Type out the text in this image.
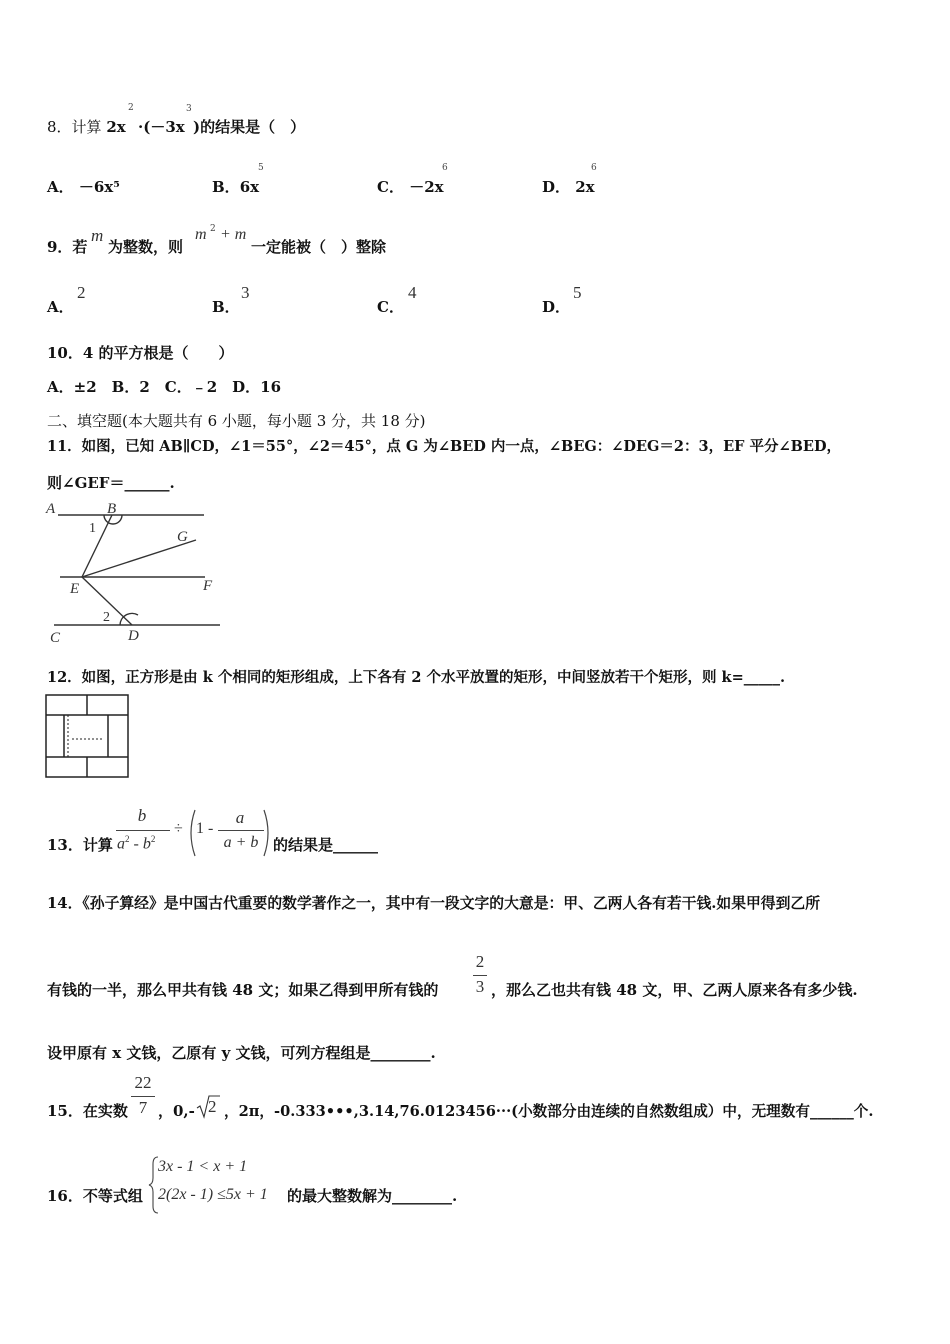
8．计算 2x
2
·(－3x
3
)的结果是（　）
A． －6x⁵	B．6x
5
C． －2x
6
D． 2x
6
9．若
m
为整数，则
m 2 + m
一定能被（　）整除
A．
2
B．
3
C．
4
D．
5
10．4 的平方根是（　　）
A．±2　B．2　C．﹣2　D．16
二、填空题(本大题共有 6 小题，每小题 3 分，共 18 分)
11．如图，已知 AB∥CD，∠1＝55°，∠2＝45°，点 G 为∠BED 内一点，∠BEG：∠DEG＝2：3，EF 平分∠BED，
则∠GEF＝______.
A	B
G
E	F
C	D
1
2
12．如图，正方形是由 k 个相同的矩形组成，上下各有 2 个水平放置的矩形，中间竖放若干个矩形，则 k=_____.
13．计算
b
$a^2 - b^2$
÷ 1 -
a
a + b 的结果是______
14．《孙子算经》是中国古代重要的数学著作之一，其中有一段文字的大意是：甲、乙两人各有若干钱.如果甲得到乙所
有钱的一半，那么甲共有钱 48 文；如果乙得到甲所有钱的
2
3 ，那么乙也共有钱 48 文，甲、乙两人原来各有多少钱.
设甲原有 x 文钱，乙原有 y 文钱，可列方程组是________.
15．在实数
22
7 ，0,- 2 ，2π，-0.333•••,3.14,76.0123456···(小数部分由连续的自然数组成）中，无理数有______个.
16．不等式组
3x - 1 < x + 1
2(2x - 1) ≤5x + 1 的最大整数解为________.
